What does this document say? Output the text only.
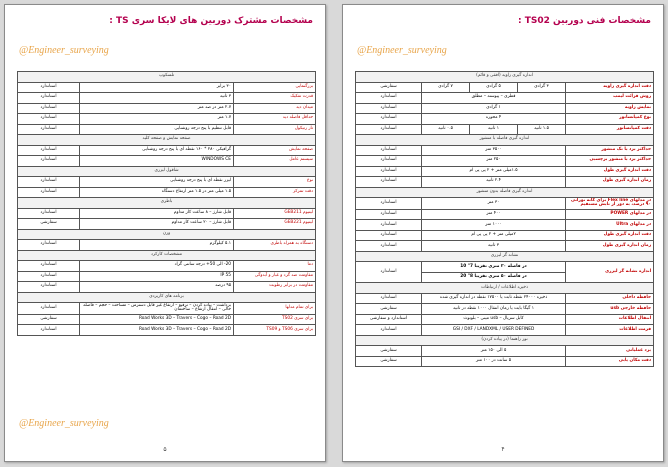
مشخصات مشترک دوربین های لایکا سری TS :
@Engineer_surveying
تلسکوپ		
بزرگنمایی	۳۰ برابر	استاندارد
قدرت تفکیک	۳ ثانیه	استاندارد
میدان دید	۲.۷ متر در صد متر	استاندارد
حداقل فاصله دید	۱.۷ متر	استاندارد
تار رتیکول	قابل تنظیم با پنج درجه روشنایی	استاندارد
صفحه نمایش و صفحه کلید		
صفحه نمایش	گرافیکی ۲۸۰ * ۱۶۰ نقطه ای با پنج درجه روشنایی	استاندارد
سیستم عامل	WINDOWS CE	استاندارد
شاقول لیزری		
نوع	لیزر نقطه ای با پنج درجه روشنایی	استاندارد
دقت تمرکز	۱.۵ میلی متر در ۱.۵ متر ارتفاع دستگاه	استاندارد
باطری		
لیتیوم GEB211	قابل شارژ – ۸ ساعت کار مداوم	استاندارد
لیتیوم GEB221	قابل شارژ – ۲۰ ساعت کار مداوم	سفارشی
وزن		
دستگاه به همراه باطری	۵.۱ کیلوگرم	استاندارد
مشخصات کارکرد		
دما	20- الی 50+ درجه سانتی گراد	استاندارد
مقاومت ضد گرد و غبار و آبدوگی	IP 55	استاندارد
مقاومت در برابر رطوبت	۹۵ درصد	استاندارد
برنامه های کاربردی		
برای تمام مدلها	برداشت – پیاده کردن – ترفیع – ارتفاع غیر قابل دسترس – مساحت – حجم – فاصله خالی – انتقال ارتفاع – ساختمان	استاندارد
برای سری TS02	Road Works 3D – Travers – Cogo – Road 2D	سفارشی
برای سری TS06 و TS09	Road Works 3D – Travers – Cogo – Road 2D	استاندارد
@Engineer_surveying
۵
مشخصات فنی دوربین TS02 :
@Engineer_surveying
اندازه گیری زاویه (افقی و قائم)				
دقت اندازه گیری زاویه	۳ گرادی	۵ گرادی	۷ گرادی	سفارشی
روش قرائت لیمب	قطری – پیوسته – مطلق			استاندارد
نمایش زاویه	۱ گرادی			استاندارد
نوع کمپانساتور	۴ محوره			استاندارد
دقت کمپانساتور	۱.۵ ثانیه	۱ ثانیه	۰.۵ ثانیه	استاندارد
اندازه گیری فاصله با منشور				
حداکثر برد با تک منشور	۳۵۰۰ متر			استاندارد
حداکثر برد با منشور برچسبی	۲۵۰ متر			استاندارد
دقت اندازه گیری طول	۱.۵میلی متر + ۲ پی پی ام			استاندارد
زمان اندازه گیری طول	۲.۴ ثانیه			استاندارد
اندازه گیری فاصله بدون منشور				
در مدلهای Flex line برای کانه نورانی ۹۰ درصد، به دور از تابش مستقیم	۳۰ متر			استاندارد
در مدلهای POWER	۴۰۰ متر			استاندارد
در مدلهای Ultra	۱۰۰۰ متر			استاندارد
دقت اندازه گیری طول	۲میلی متر + ۲ پی پی ام			استاندارد
زمان اندازه گیری طول	۳ ثانیه			استاندارد
نشانه گر لیزری				
اندازه نشانه گر لیزری	در فاصله ۳۰ متری تقریبا 7" 10			استاندارد
	در فاصله ۵۰ متری تقریبا 8" 20			
ذخیره اطلاعات / ارتباطات				
حافظه داخلی	ذخیره ۲۴۰۰۰ نقطه ثابت یا ۱۷۵۰۰ نقطه در اندازه گیری شده			استاندارد
حافظه خارجی usb	۱ گیگا بایت یا زمان انتقال ۱۰۰۰ نقطه در ثانیه			سفارشی
انتقال اطلاعات	کابل سریال – usb مینی – بلوتوث			استاندارد و سفارشی
فرمت اطلاعات	GSI / DXF / LANDXML / USER DEFINED			استاندارد
نور راهنما (در پیاده کردن)				
برد عملیاتی	۵ الی ۱۵۰ متر			سفارشی
دقت مکان یابی	۵ سانت در ۱۰۰ متر			سفارشی
۴
